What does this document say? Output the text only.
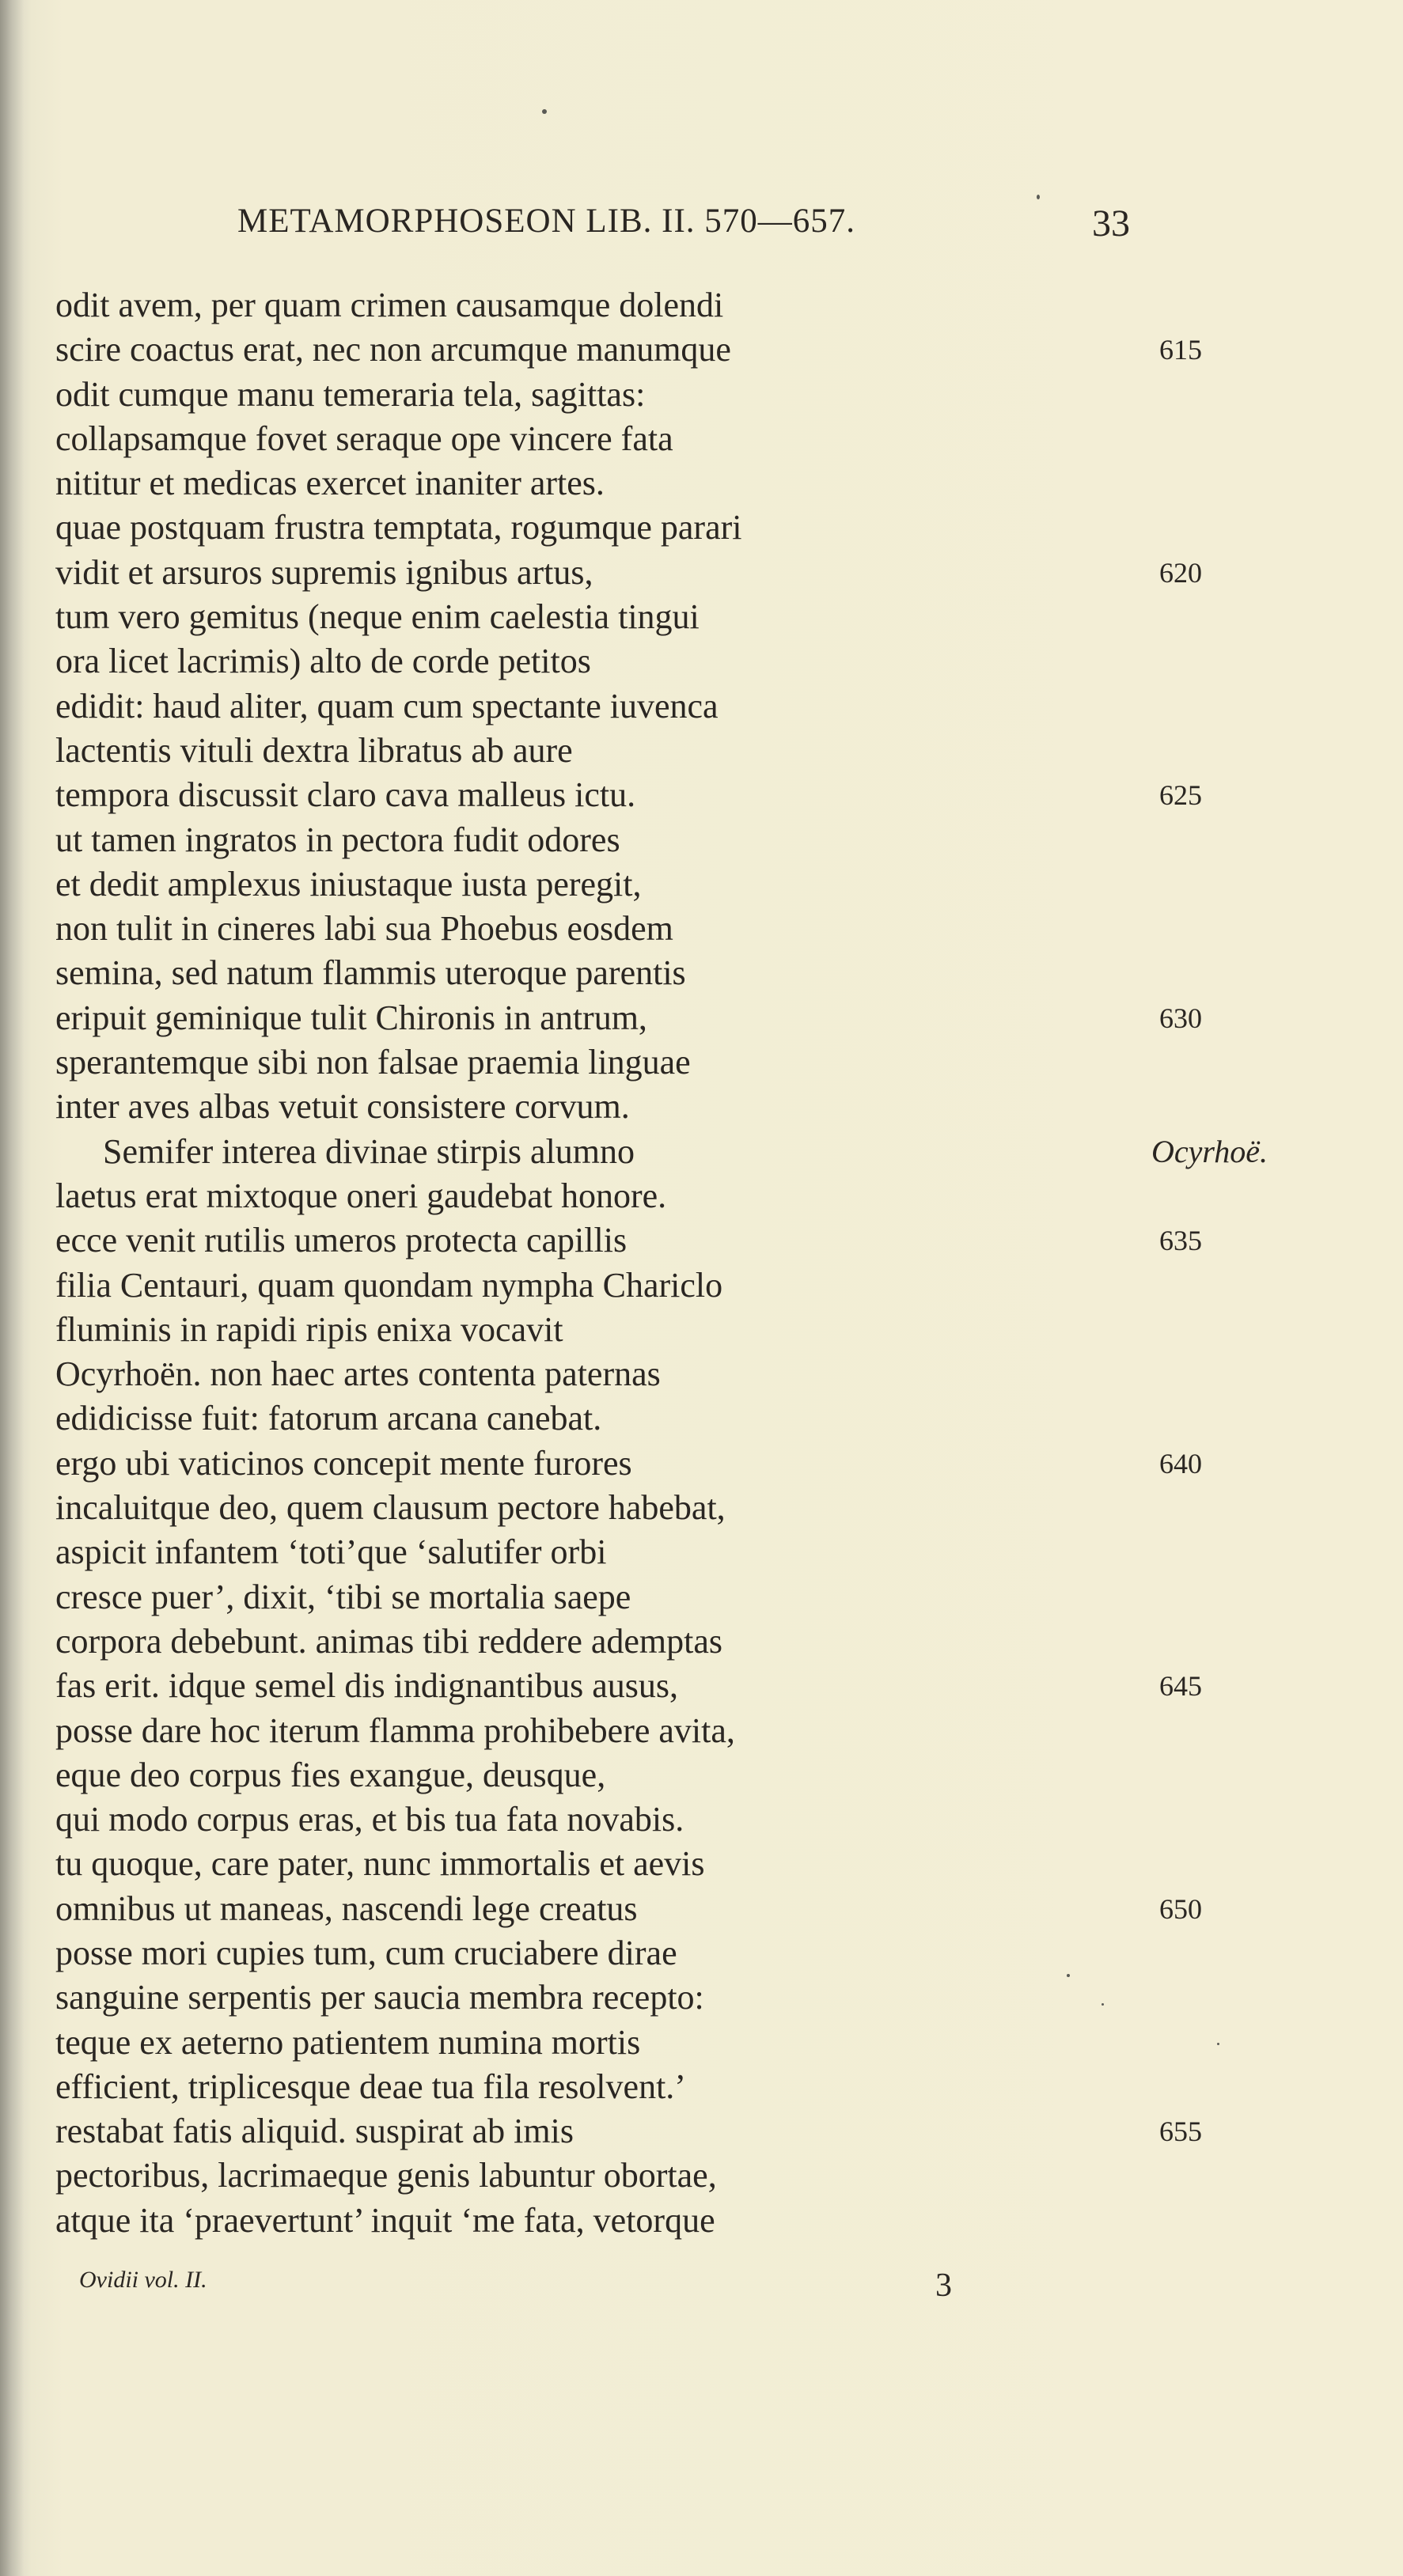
METAMORPHOSEON LIB. II. 570—657.	33
odit avem, per quam crimen causamque dolendi
scire coactus erat, nec non arcumque manumque	615
odit cumque manu temeraria tela, sagittas:
collapsamque fovet seraque ope vincere fata
nititur et medicas exercet inaniter artes.
quae postquam frustra temptata, rogumque parari
vidit et arsuros supremis ignibus artus,	620
tum vero gemitus (neque enim caelestia tingui
ora licet lacrimis) alto de corde petitos
edidit: haud aliter, quam cum spectante iuvenca
lactentis vituli dextra libratus ab aure
tempora discussit claro cava malleus ictu.	625
ut tamen ingratos in pectora fudit odores
et dedit amplexus iniustaque iusta peregit,
non tulit in cineres labi sua Phoebus eosdem
semina, sed natum flammis uteroque parentis
eripuit geminique tulit Chironis in antrum,	630
sperantemque sibi non falsae praemia linguae
inter aves albas vetuit consistere corvum.
Semifer interea divinae stirpis alumno	Ocyrhoë.
laetus erat mixtoque oneri gaudebat honore.
ecce venit rutilis umeros protecta capillis	635
filia Centauri, quam quondam nympha Chariclo
fluminis in rapidi ripis enixa vocavit
Ocyrhoën. non haec artes contenta paternas
edidicisse fuit: fatorum arcana canebat.
ergo ubi vaticinos concepit mente furores	640
incaluitque deo, quem clausum pectore habebat,
aspicit infantem ‘toti’que ‘salutifer orbi
cresce puer’, dixit, ‘tibi se mortalia saepe
corpora debebunt. animas tibi reddere ademptas
fas erit. idque semel dis indignantibus ausus,	645
posse dare hoc iterum flamma prohibebere avita,
eque deo corpus fies exangue, deusque,
qui modo corpus eras, et bis tua fata novabis.
tu quoque, care pater, nunc immortalis et aevis
omnibus ut maneas, nascendi lege creatus	650
posse mori cupies tum, cum cruciabere dirae
sanguine serpentis per saucia membra recepto:
teque ex aeterno patientem numina mortis
efficient, triplicesque deae tua fila resolvent.’
restabat fatis aliquid. suspirat ab imis	655
pectoribus, lacrimaeque genis labuntur obortae,
atque ita ‘praevertunt’ inquit ‘me fata, vetorque
Ovidii vol. II.	3
